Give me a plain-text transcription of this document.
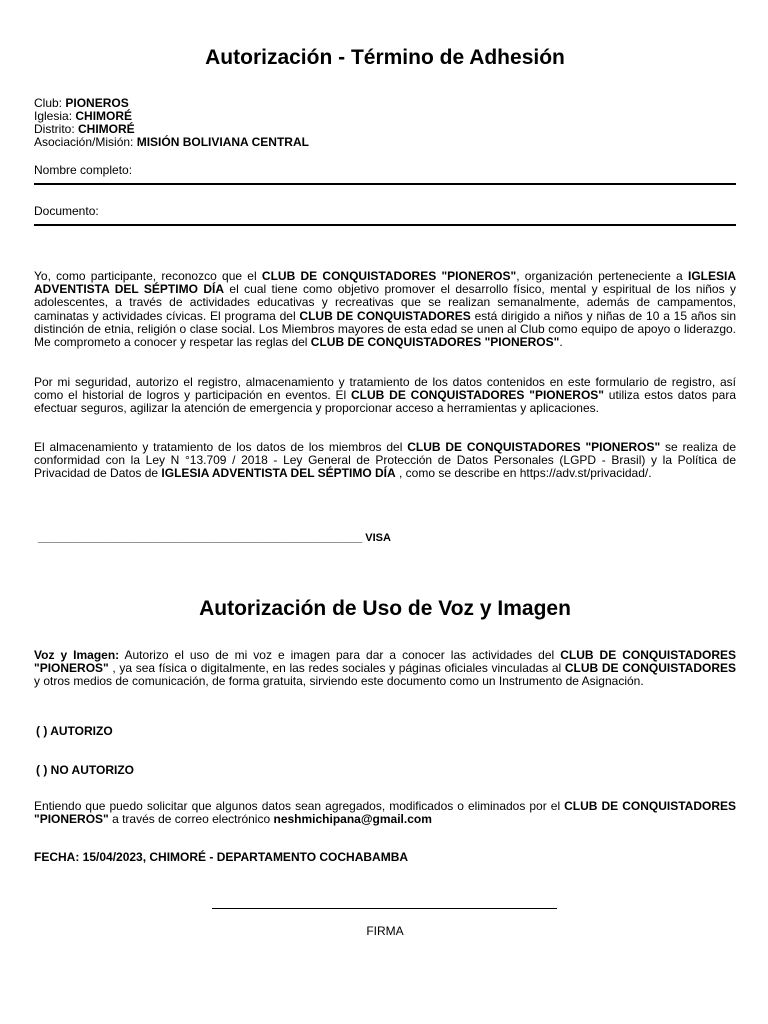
Autorización - Término de Adhesión
Club: PIONEROS
Iglesia: CHIMORÉ
Distrito: CHIMORÉ
Asociación/Misión: MISIÓN BOLIVIANA CENTRAL
Nombre completo:
Documento:
Yo, como participante, reconozco que el CLUB DE CONQUISTADORES "PIONEROS", organización perteneciente a IGLESIA ADVENTISTA DEL SÉPTIMO DÍA el cual tiene como objetivo promover el desarrollo físico, mental y espiritual de los niños y adolescentes, a través de actividades educativas y recreativas que se realizan semanalmente, además de campamentos, caminatas y actividades cívicas. El programa del CLUB DE CONQUISTADORES está dirigido a niños y niñas de 10 a 15 años sin distinción de etnia, religión o clase social. Los Miembros mayores de esta edad se unen al Club como equipo de apoyo o liderazgo. Me comprometo a conocer y respetar las reglas del CLUB DE CONQUISTADORES "PIONEROS".
Por mi seguridad, autorizo el registro, almacenamiento y tratamiento de los datos contenidos en este formulario de registro, así como el historial de logros y participación en eventos. El CLUB DE CONQUISTADORES "PIONEROS" utiliza estos datos para efectuar seguros, agilizar la atención de emergencia y proporcionar acceso a herramientas y aplicaciones.
El almacenamiento y tratamiento de los datos de los miembros del CLUB DE CONQUISTADORES "PIONEROS" se realiza de conformidad con la Ley N °13.709 / 2018 - Ley General de Protección de Datos Personales (LGPD - Brasil) y la Política de Privacidad de Datos de IGLESIA ADVENTISTA DEL SÉPTIMO DÍA , como se describe en https://adv.st/privacidad/.
_____________________________________________________ VISA
Autorización de Uso de Voz y Imagen
Voz y Imagen: Autorizo el uso de mi voz e imagen para dar a conocer las actividades del CLUB DE CONQUISTADORES "PIONEROS" , ya sea física o digitalmente, en las redes sociales y páginas oficiales vinculadas al CLUB DE CONQUISTADORES y otros medios de comunicación, de forma gratuita, sirviendo este documento como un Instrumento de Asignación.
( ) AUTORIZO
( ) NO AUTORIZO
Entiendo que puedo solicitar que algunos datos sean agregados, modificados o eliminados por el CLUB DE CONQUISTADORES "PIONEROS" a través de correo electrónico neshmichipana@gmail.com
FECHA: 15/04/2023, CHIMORÉ - DEPARTAMENTO COCHABAMBA
FIRMA
